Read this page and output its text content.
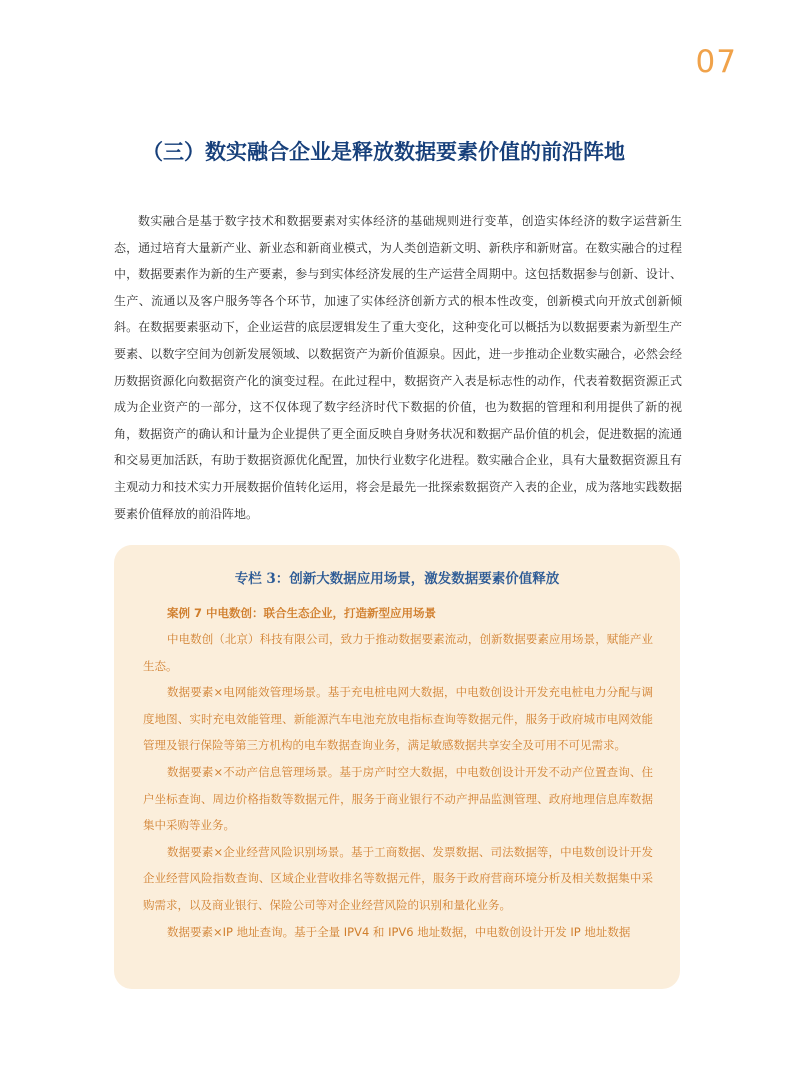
07
（三）数实融合企业是释放数据要素价值的前沿阵地

数实融合是基于数字技术和数据要素对实体经济的基础规则进行变革，创造实体经济的数字运营新生态，通过培育大量新产业、新业态和新商业模式，为人类创造新文明、新秩序和新财富。在数实融合的过程中，数据要素作为新的生产要素，参与到实体经济发展的生产运营全周期中。这包括数据参与创新、设计、生产、流通以及客户服务等各个环节，加速了实体经济创新方式的根本性改变，创新模式向开放式创新倾斜。在数据要素驱动下，企业运营的底层逻辑发生了重大变化，这种变化可以概括为以数据要素为新型生产要素、以数字空间为创新发展领域、以数据资产为新价值源泉。因此，进一步推动企业数实融合，必然会经历数据资源化向数据资产化的演变过程。在此过程中，数据资产入表是标志性的动作，代表着数据资源正式成为企业资产的一部分，这不仅体现了数字经济时代下数据的价值，也为数据的管理和利用提供了新的视角，数据资产的确认和计量为企业提供了更全面反映自身财务状况和数据产品价值的机会，促进数据的流通和交易更加活跃，有助于数据资源优化配置，加快行业数字化进程。数实融合企业，具有大量数据资源且有主观动力和技术实力开展数据价值转化运用，将会是最先一批探索数据资产入表的企业，成为落地实践数据要素价值释放的前沿阵地。

专栏 3：创新大数据应用场景，激发数据要素价值释放
案例 7 中电数创：联合生态企业，打造新型应用场景

中电数创（北京）科技有限公司，致力于推动数据要素流动，创新数据要素应用场景，赋能产业生态。

数据要素×电网能效管理场景。基于充电桩电网大数据，中电数创设计开发充电桩电力分配与调度地图、实时充电效能管理、新能源汽车电池充放电指标查询等数据元件，服务于政府城市电网效能管理及银行保险等第三方机构的电车数据查询业务，满足敏感数据共享安全及可用不可见需求。

数据要素×不动产信息管理场景。基于房产时空大数据，中电数创设计开发不动产位置查询、住户坐标查询、周边价格指数等数据元件，服务于商业银行不动产押品监测管理、政府地理信息库数据集中采购等业务。

数据要素×企业经营风险识别场景。基于工商数据、发票数据、司法数据等，中电数创设计开发企业经营风险指数查询、区域企业营收排名等数据元件，服务于政府营商环境分析及相关数据集中采购需求，以及商业银行、保险公司等对企业经营风险的识别和量化业务。

数据要素×IP 地址查询。基于全量 IPV4 和 IPV6 地址数据，中电数创设计开发 IP 地址数据
